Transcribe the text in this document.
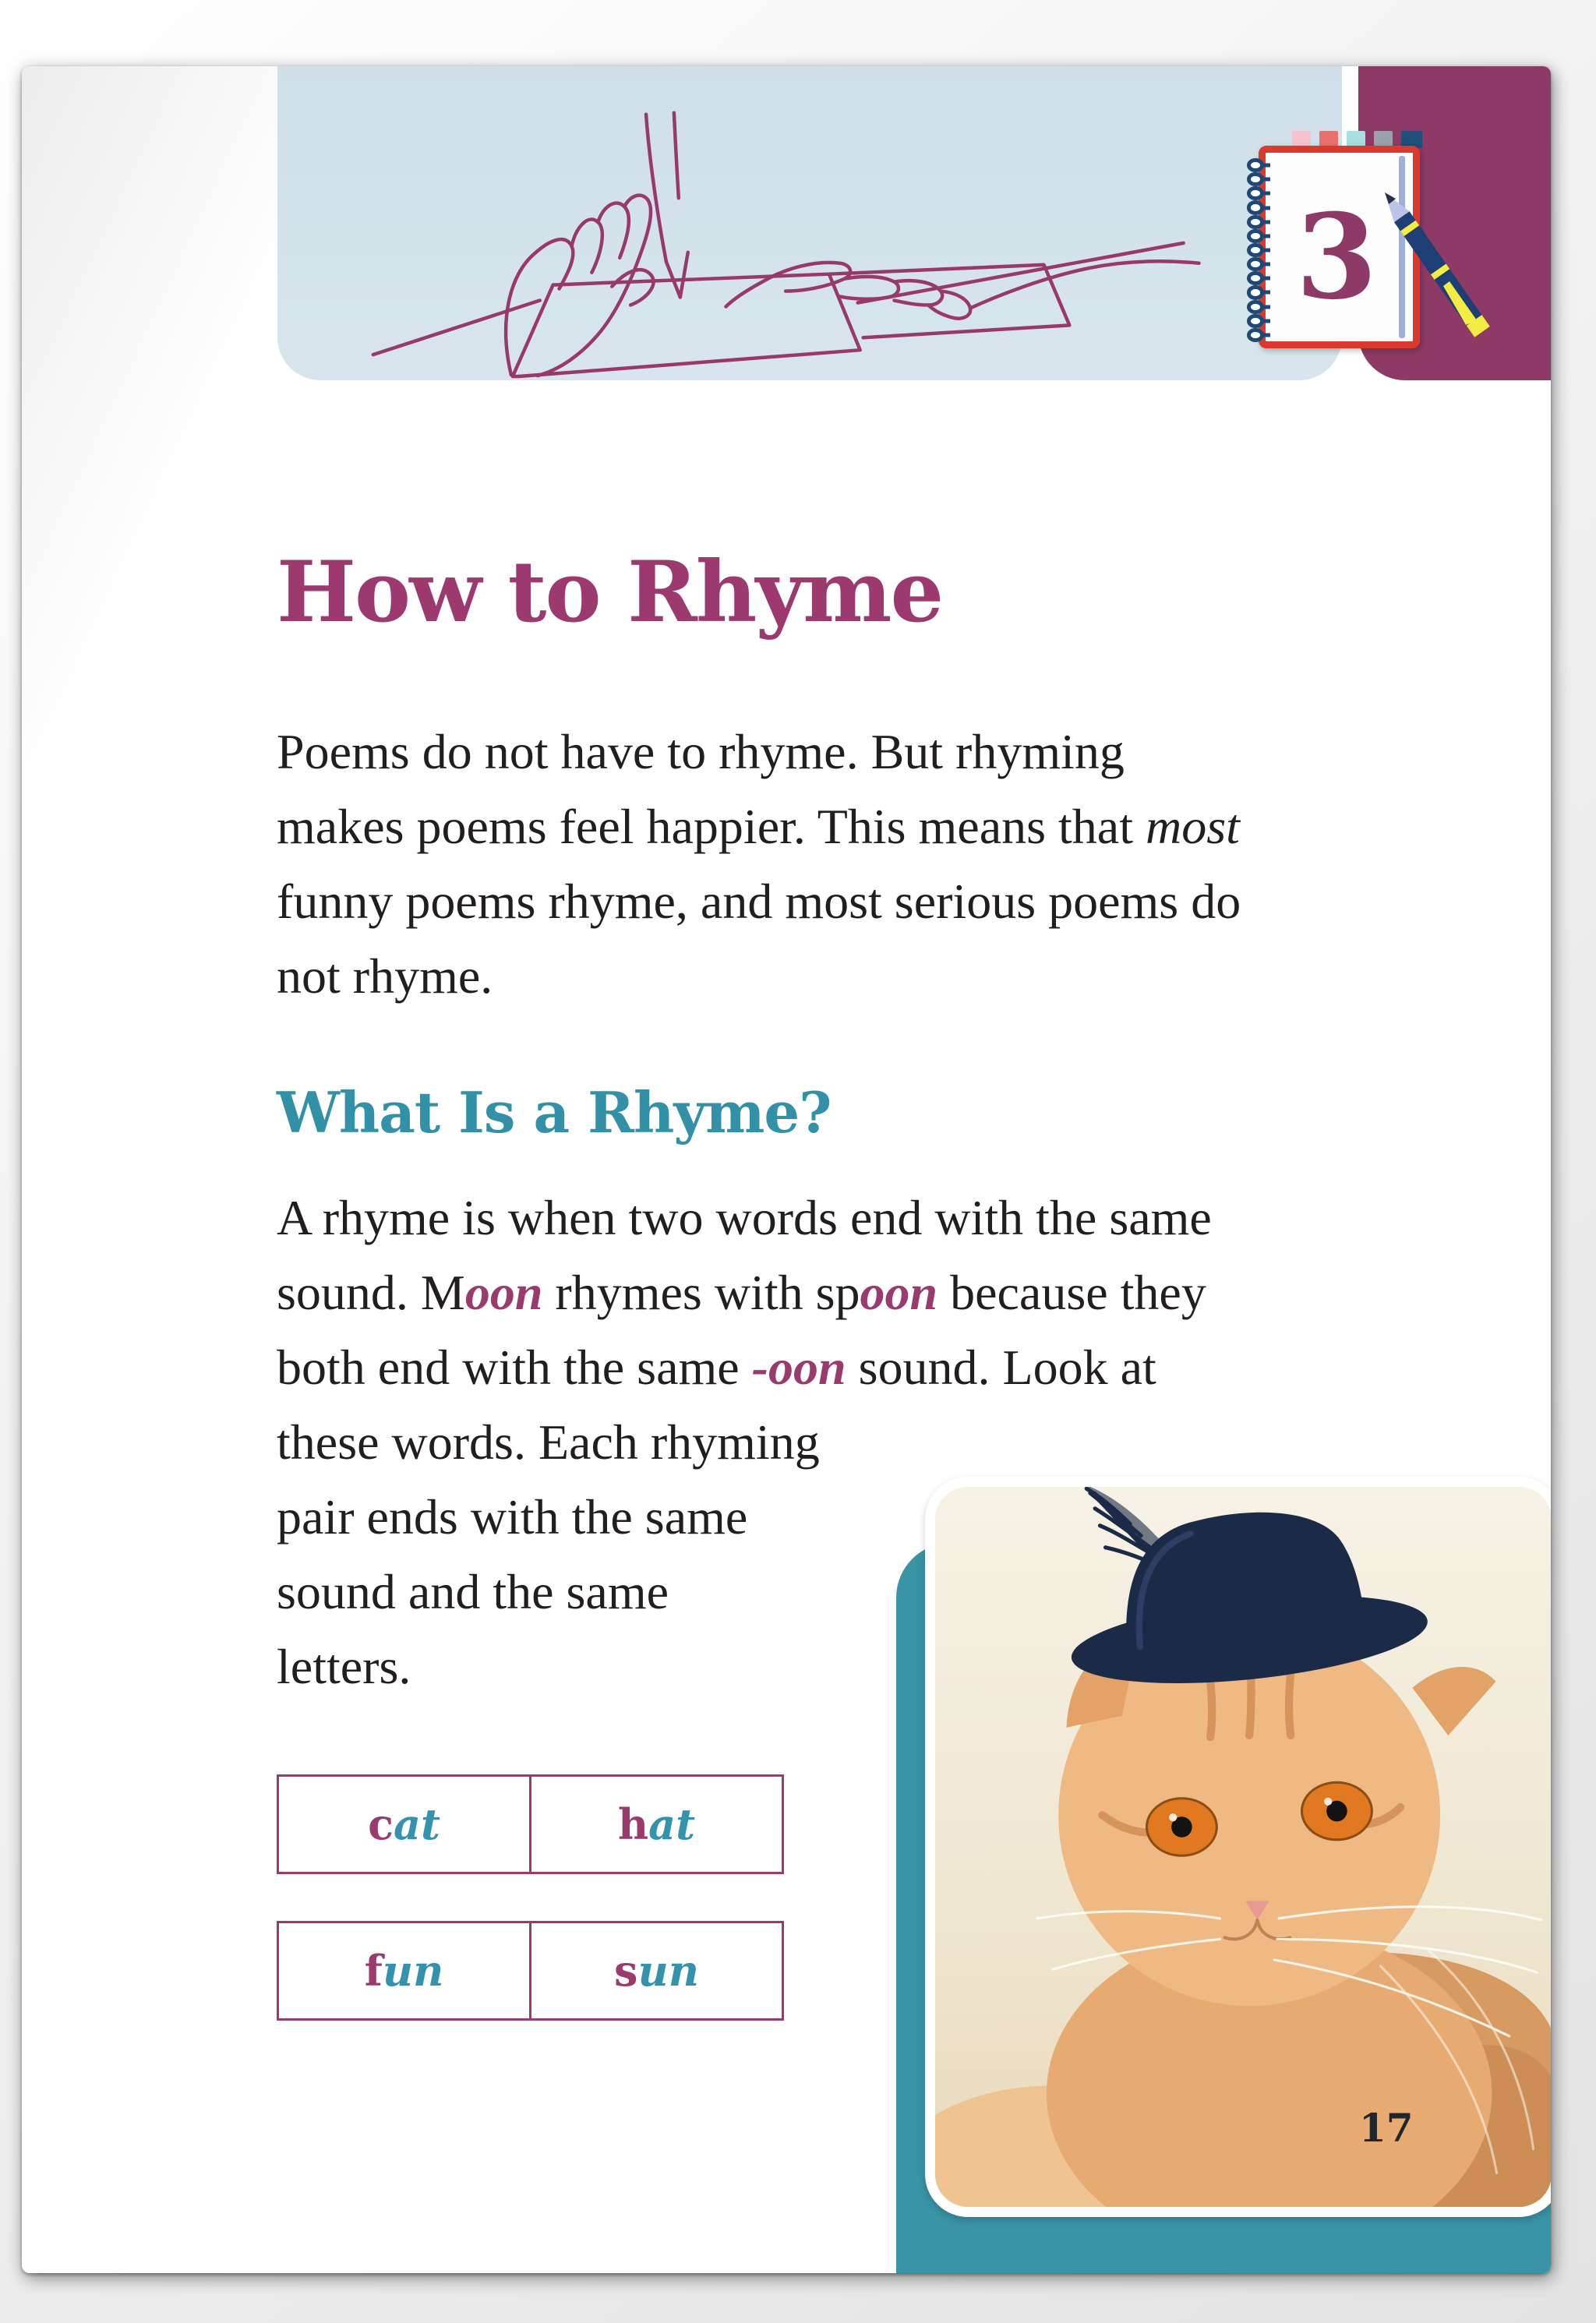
3
How to Rhyme
Poems do not have to rhyme. But rhyming
makes poems feel happier. This means that most
funny poems rhyme, and most serious poems do
not rhyme.
What Is a Rhyme?
A rhyme is when two words end with the same
sound. Moon rhymes with spoon because they
both end with the same -oon sound. Look at
these words. Each rhyming
pair ends with the same
sound and the same
letters.
c at	h at
f un	s un
17
